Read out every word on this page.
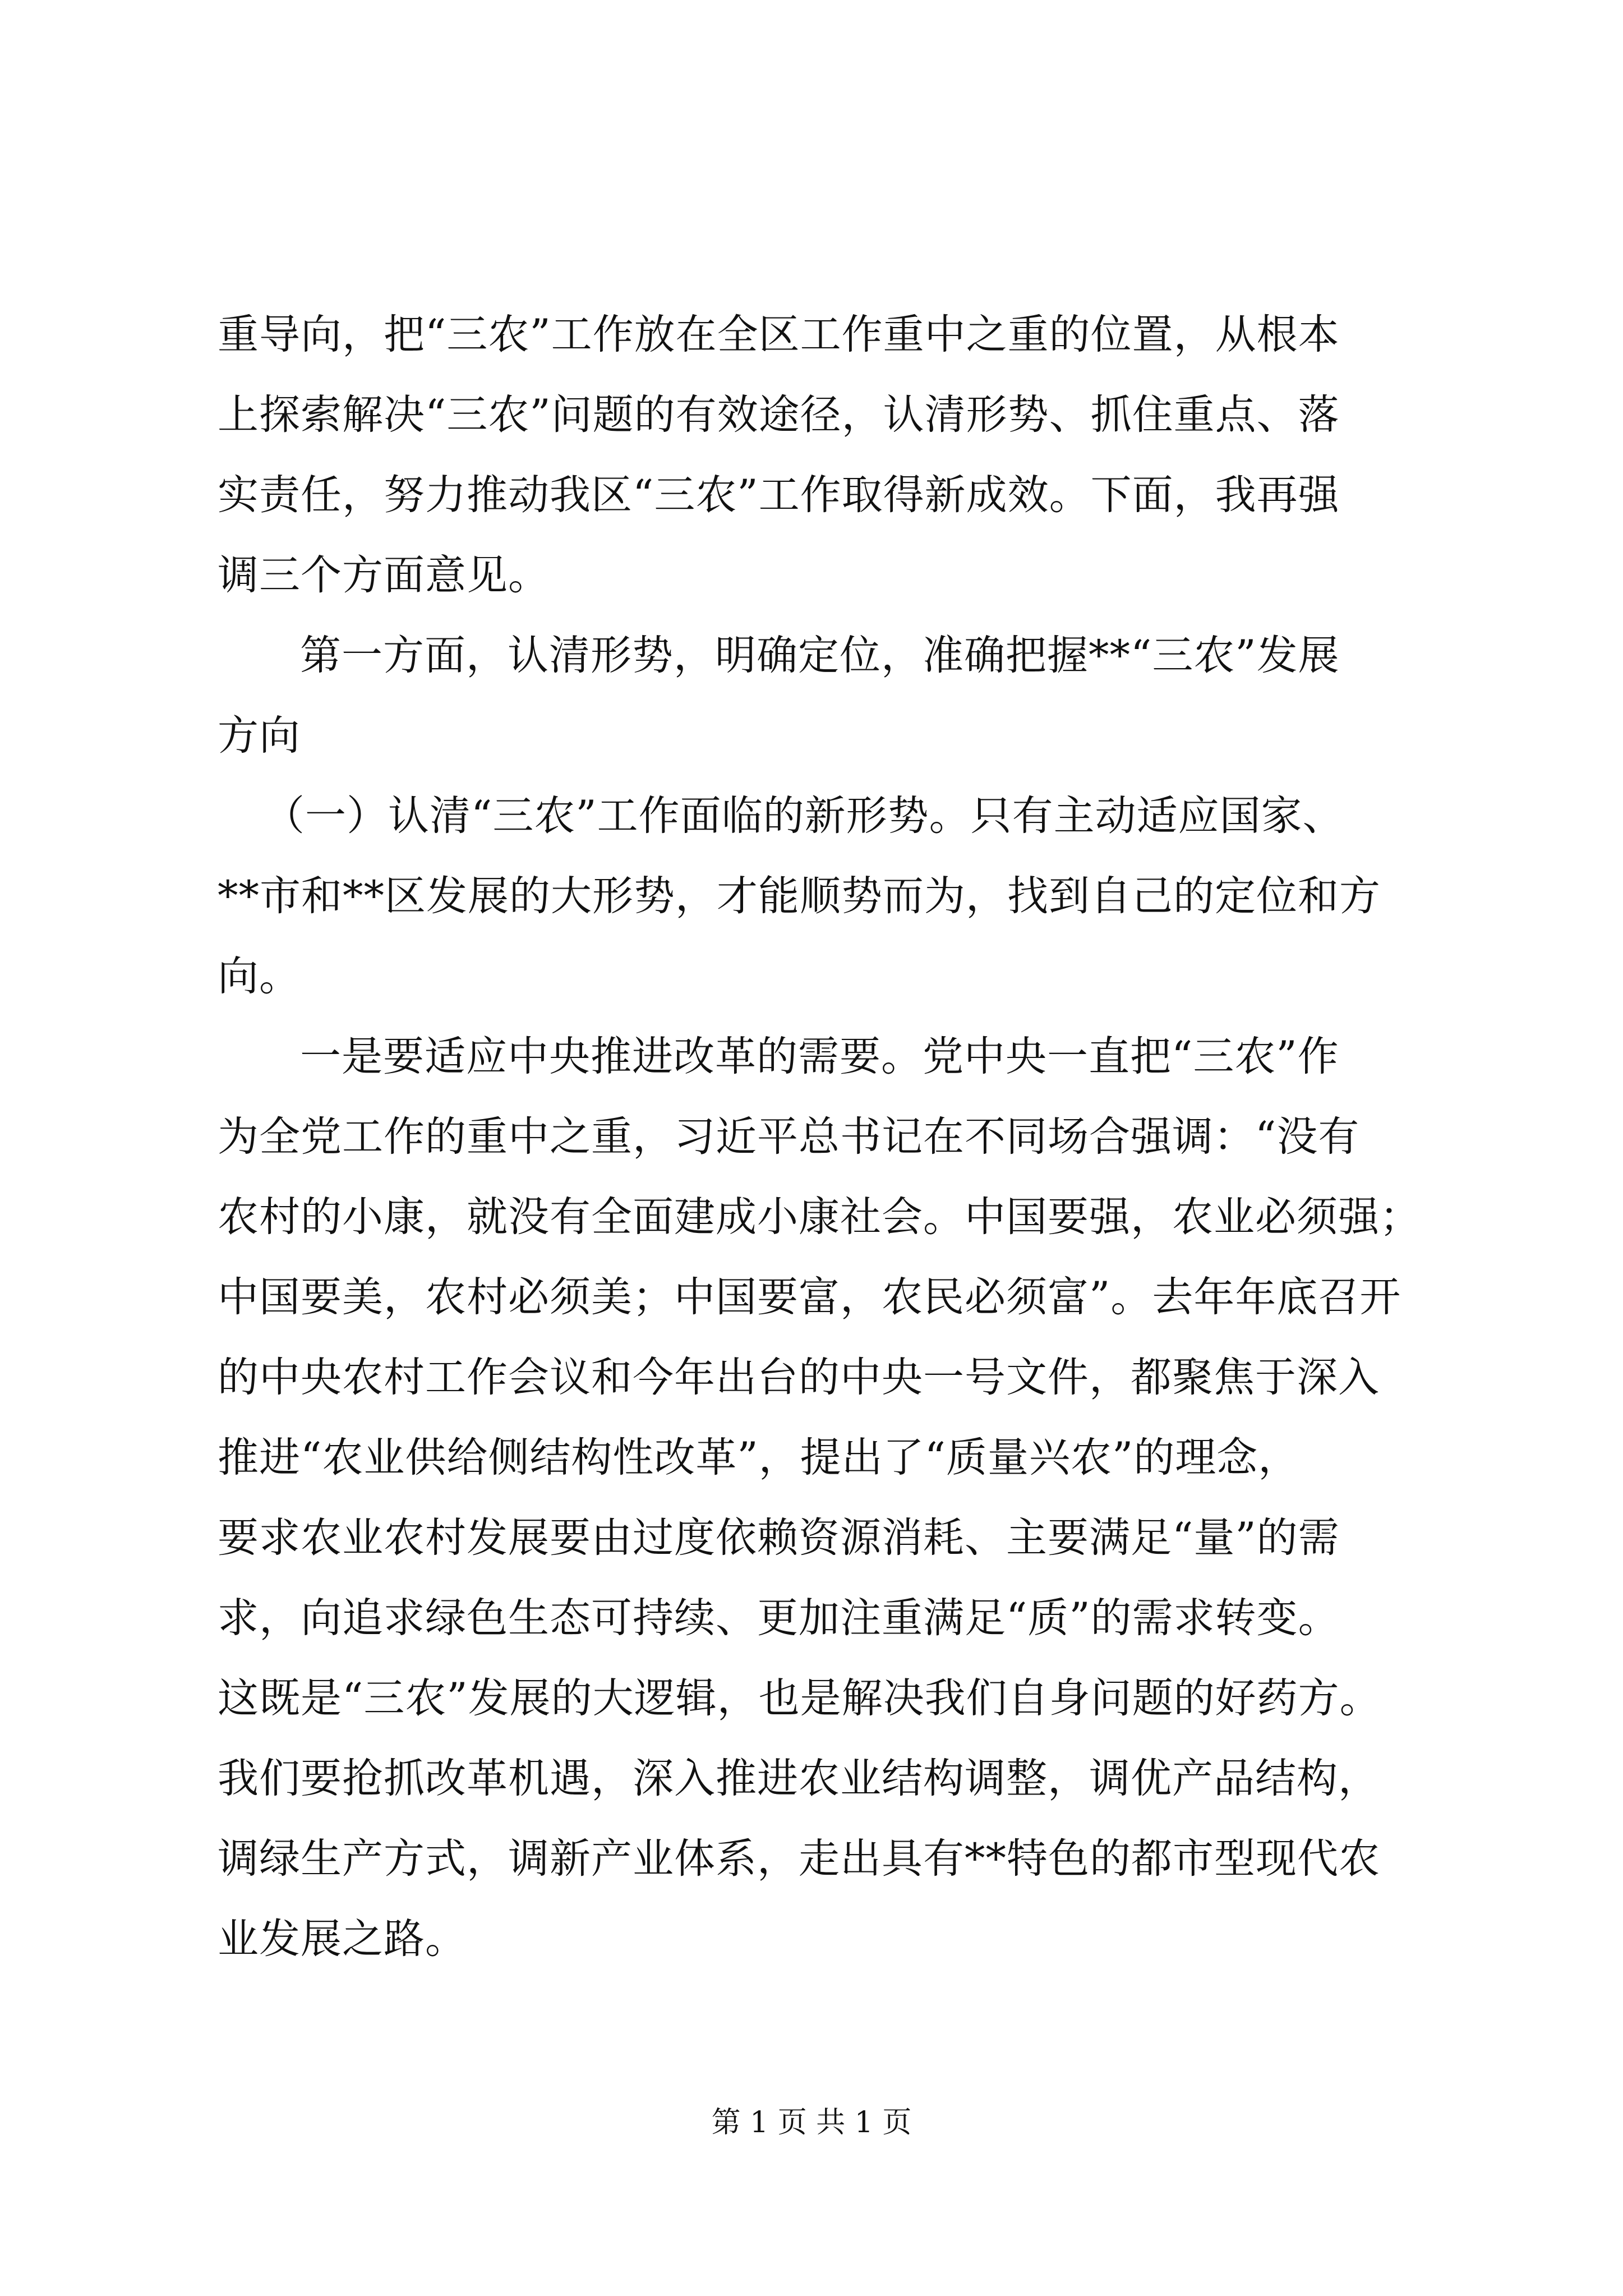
重导向，把“三农”工作放在全区工作重中之重的位置，从根本
上探索解决“三农”问题的有效途径，认清形势、抓住重点、落
实责任，努力推动我区“三农”工作取得新成效。下面，我再强
调三个方面意见。
第一方面，认清形势，明确定位，准确把握**“三农”发展
方向
（一）认清“三农”工作面临的新形势。只有主动适应国家、
**市和**区发展的大形势，才能顺势而为，找到自己的定位和方
向。
一是要适应中央推进改革的需要。党中央一直把“三农”作
为全党工作的重中之重，习近平总书记在不同场合强调：“没有
农村的小康，就没有全面建成小康社会。中国要强，农业必须强；
中国要美，农村必须美；中国要富，农民必须富”。去年年底召开
的中央农村工作会议和今年出台的中央一号文件，都聚焦于深入
推进“农业供给侧结构性改革”，提出了“质量兴农”的理念，
要求农业农村发展要由过度依赖资源消耗、主要满足“量”的需
求，向追求绿色生态可持续、更加注重满足“质”的需求转变。
这既是“三农”发展的大逻辑，也是解决我们自身问题的好药方。
我们要抢抓改革机遇，深入推进农业结构调整，调优产品结构，
调绿生产方式，调新产业体系，走出具有**特色的都市型现代农
业发展之路。
第 1 页 共 1 页
